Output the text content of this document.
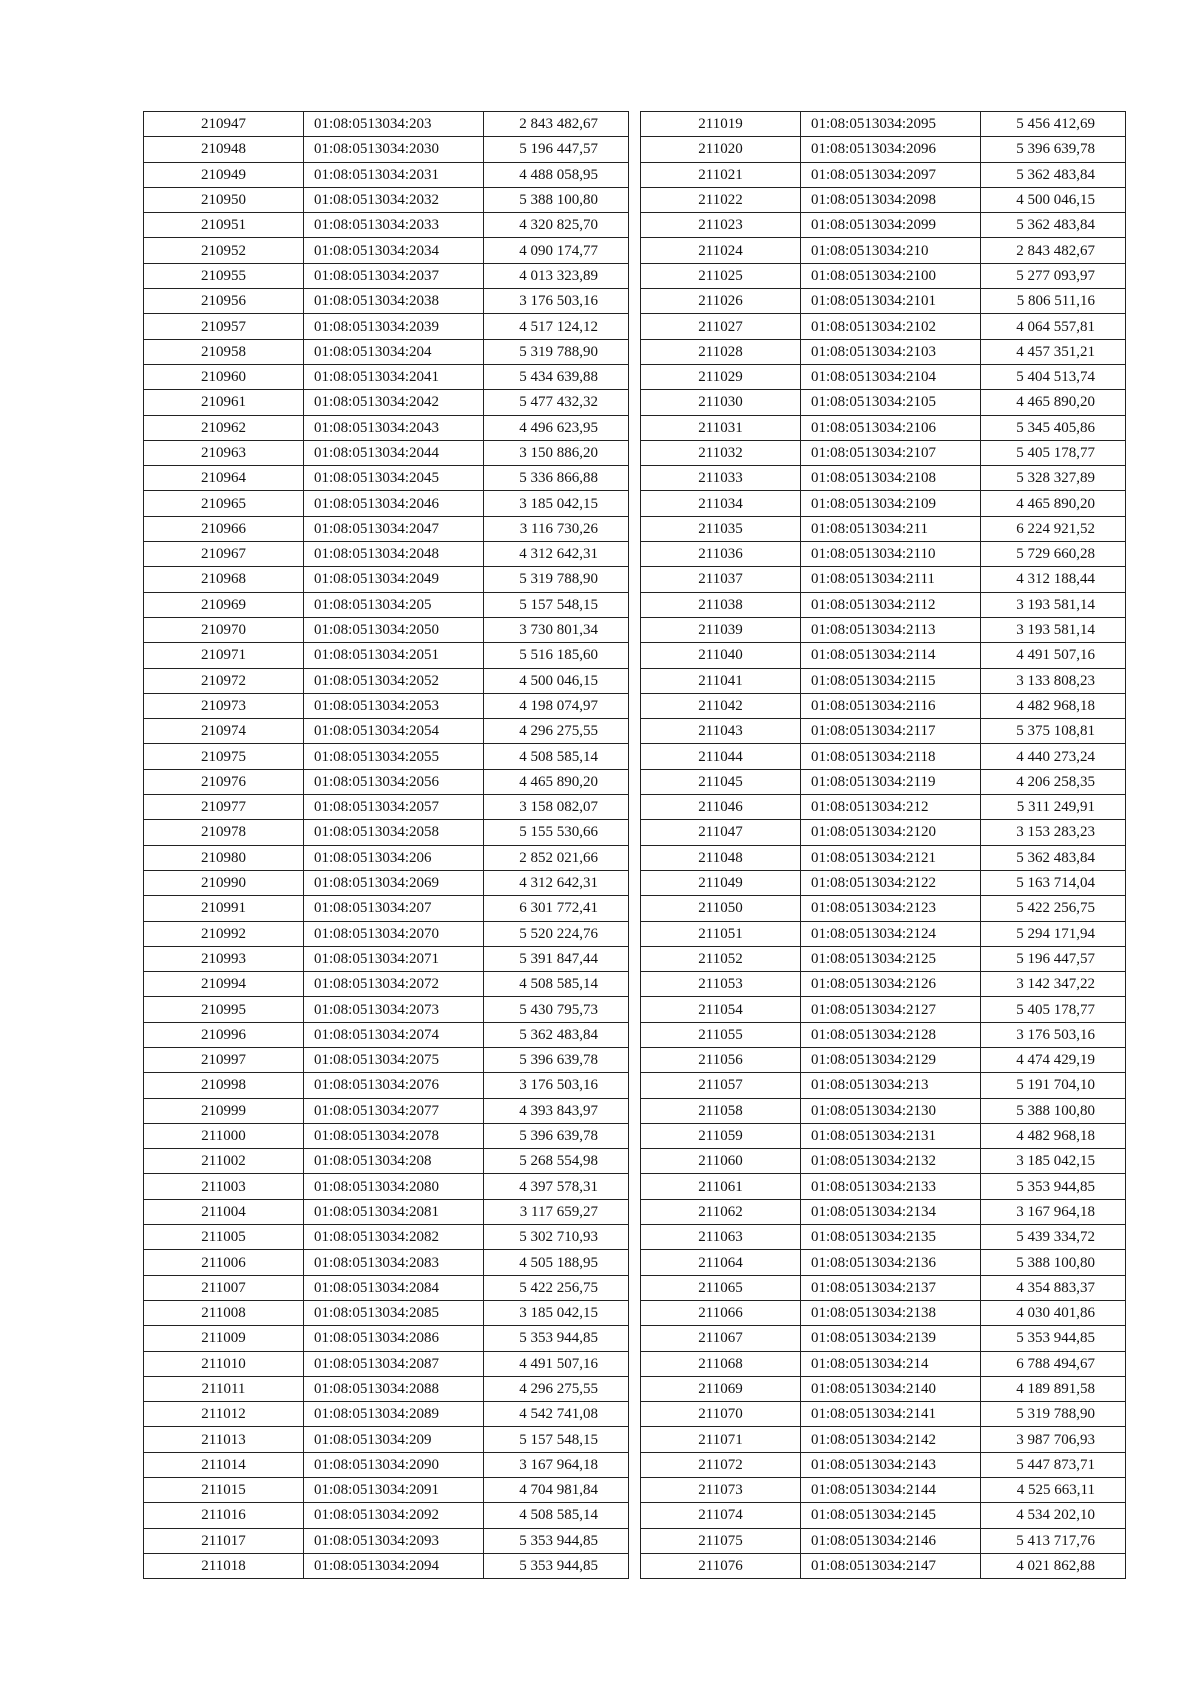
210947	01:08:0513034:203	2 843 482,67
210948	01:08:0513034:2030	5 196 447,57
210949	01:08:0513034:2031	4 488 058,95
210950	01:08:0513034:2032	5 388 100,80
210951	01:08:0513034:2033	4 320 825,70
210952	01:08:0513034:2034	4 090 174,77
210955	01:08:0513034:2037	4 013 323,89
210956	01:08:0513034:2038	3 176 503,16
210957	01:08:0513034:2039	4 517 124,12
210958	01:08:0513034:204	5 319 788,90
210960	01:08:0513034:2041	5 434 639,88
210961	01:08:0513034:2042	5 477 432,32
210962	01:08:0513034:2043	4 496 623,95
210963	01:08:0513034:2044	3 150 886,20
210964	01:08:0513034:2045	5 336 866,88
210965	01:08:0513034:2046	3 185 042,15
210966	01:08:0513034:2047	3 116 730,26
210967	01:08:0513034:2048	4 312 642,31
210968	01:08:0513034:2049	5 319 788,90
210969	01:08:0513034:205	5 157 548,15
210970	01:08:0513034:2050	3 730 801,34
210971	01:08:0513034:2051	5 516 185,60
210972	01:08:0513034:2052	4 500 046,15
210973	01:08:0513034:2053	4 198 074,97
210974	01:08:0513034:2054	4 296 275,55
210975	01:08:0513034:2055	4 508 585,14
210976	01:08:0513034:2056	4 465 890,20
210977	01:08:0513034:2057	3 158 082,07
210978	01:08:0513034:2058	5 155 530,66
210980	01:08:0513034:206	2 852 021,66
210990	01:08:0513034:2069	4 312 642,31
210991	01:08:0513034:207	6 301 772,41
210992	01:08:0513034:2070	5 520 224,76
210993	01:08:0513034:2071	5 391 847,44
210994	01:08:0513034:2072	4 508 585,14
210995	01:08:0513034:2073	5 430 795,73
210996	01:08:0513034:2074	5 362 483,84
210997	01:08:0513034:2075	5 396 639,78
210998	01:08:0513034:2076	3 176 503,16
210999	01:08:0513034:2077	4 393 843,97
211000	01:08:0513034:2078	5 396 639,78
211002	01:08:0513034:208	5 268 554,98
211003	01:08:0513034:2080	4 397 578,31
211004	01:08:0513034:2081	3 117 659,27
211005	01:08:0513034:2082	5 302 710,93
211006	01:08:0513034:2083	4 505 188,95
211007	01:08:0513034:2084	5 422 256,75
211008	01:08:0513034:2085	3 185 042,15
211009	01:08:0513034:2086	5 353 944,85
211010	01:08:0513034:2087	4 491 507,16
211011	01:08:0513034:2088	4 296 275,55
211012	01:08:0513034:2089	4 542 741,08
211013	01:08:0513034:209	5 157 548,15
211014	01:08:0513034:2090	3 167 964,18
211015	01:08:0513034:2091	4 704 981,84
211016	01:08:0513034:2092	4 508 585,14
211017	01:08:0513034:2093	5 353 944,85
211018	01:08:0513034:2094	5 353 944,85
211019	01:08:0513034:2095	5 456 412,69
211020	01:08:0513034:2096	5 396 639,78
211021	01:08:0513034:2097	5 362 483,84
211022	01:08:0513034:2098	4 500 046,15
211023	01:08:0513034:2099	5 362 483,84
211024	01:08:0513034:210	2 843 482,67
211025	01:08:0513034:2100	5 277 093,97
211026	01:08:0513034:2101	5 806 511,16
211027	01:08:0513034:2102	4 064 557,81
211028	01:08:0513034:2103	4 457 351,21
211029	01:08:0513034:2104	5 404 513,74
211030	01:08:0513034:2105	4 465 890,20
211031	01:08:0513034:2106	5 345 405,86
211032	01:08:0513034:2107	5 405 178,77
211033	01:08:0513034:2108	5 328 327,89
211034	01:08:0513034:2109	4 465 890,20
211035	01:08:0513034:211	6 224 921,52
211036	01:08:0513034:2110	5 729 660,28
211037	01:08:0513034:2111	4 312 188,44
211038	01:08:0513034:2112	3 193 581,14
211039	01:08:0513034:2113	3 193 581,14
211040	01:08:0513034:2114	4 491 507,16
211041	01:08:0513034:2115	3 133 808,23
211042	01:08:0513034:2116	4 482 968,18
211043	01:08:0513034:2117	5 375 108,81
211044	01:08:0513034:2118	4 440 273,24
211045	01:08:0513034:2119	4 206 258,35
211046	01:08:0513034:212	5 311 249,91
211047	01:08:0513034:2120	3 153 283,23
211048	01:08:0513034:2121	5 362 483,84
211049	01:08:0513034:2122	5 163 714,04
211050	01:08:0513034:2123	5 422 256,75
211051	01:08:0513034:2124	5 294 171,94
211052	01:08:0513034:2125	5 196 447,57
211053	01:08:0513034:2126	3 142 347,22
211054	01:08:0513034:2127	5 405 178,77
211055	01:08:0513034:2128	3 176 503,16
211056	01:08:0513034:2129	4 474 429,19
211057	01:08:0513034:213	5 191 704,10
211058	01:08:0513034:2130	5 388 100,80
211059	01:08:0513034:2131	4 482 968,18
211060	01:08:0513034:2132	3 185 042,15
211061	01:08:0513034:2133	5 353 944,85
211062	01:08:0513034:2134	3 167 964,18
211063	01:08:0513034:2135	5 439 334,72
211064	01:08:0513034:2136	5 388 100,80
211065	01:08:0513034:2137	4 354 883,37
211066	01:08:0513034:2138	4 030 401,86
211067	01:08:0513034:2139	5 353 944,85
211068	01:08:0513034:214	6 788 494,67
211069	01:08:0513034:2140	4 189 891,58
211070	01:08:0513034:2141	5 319 788,90
211071	01:08:0513034:2142	3 987 706,93
211072	01:08:0513034:2143	5 447 873,71
211073	01:08:0513034:2144	4 525 663,11
211074	01:08:0513034:2145	4 534 202,10
211075	01:08:0513034:2146	5 413 717,76
211076	01:08:0513034:2147	4 021 862,88
